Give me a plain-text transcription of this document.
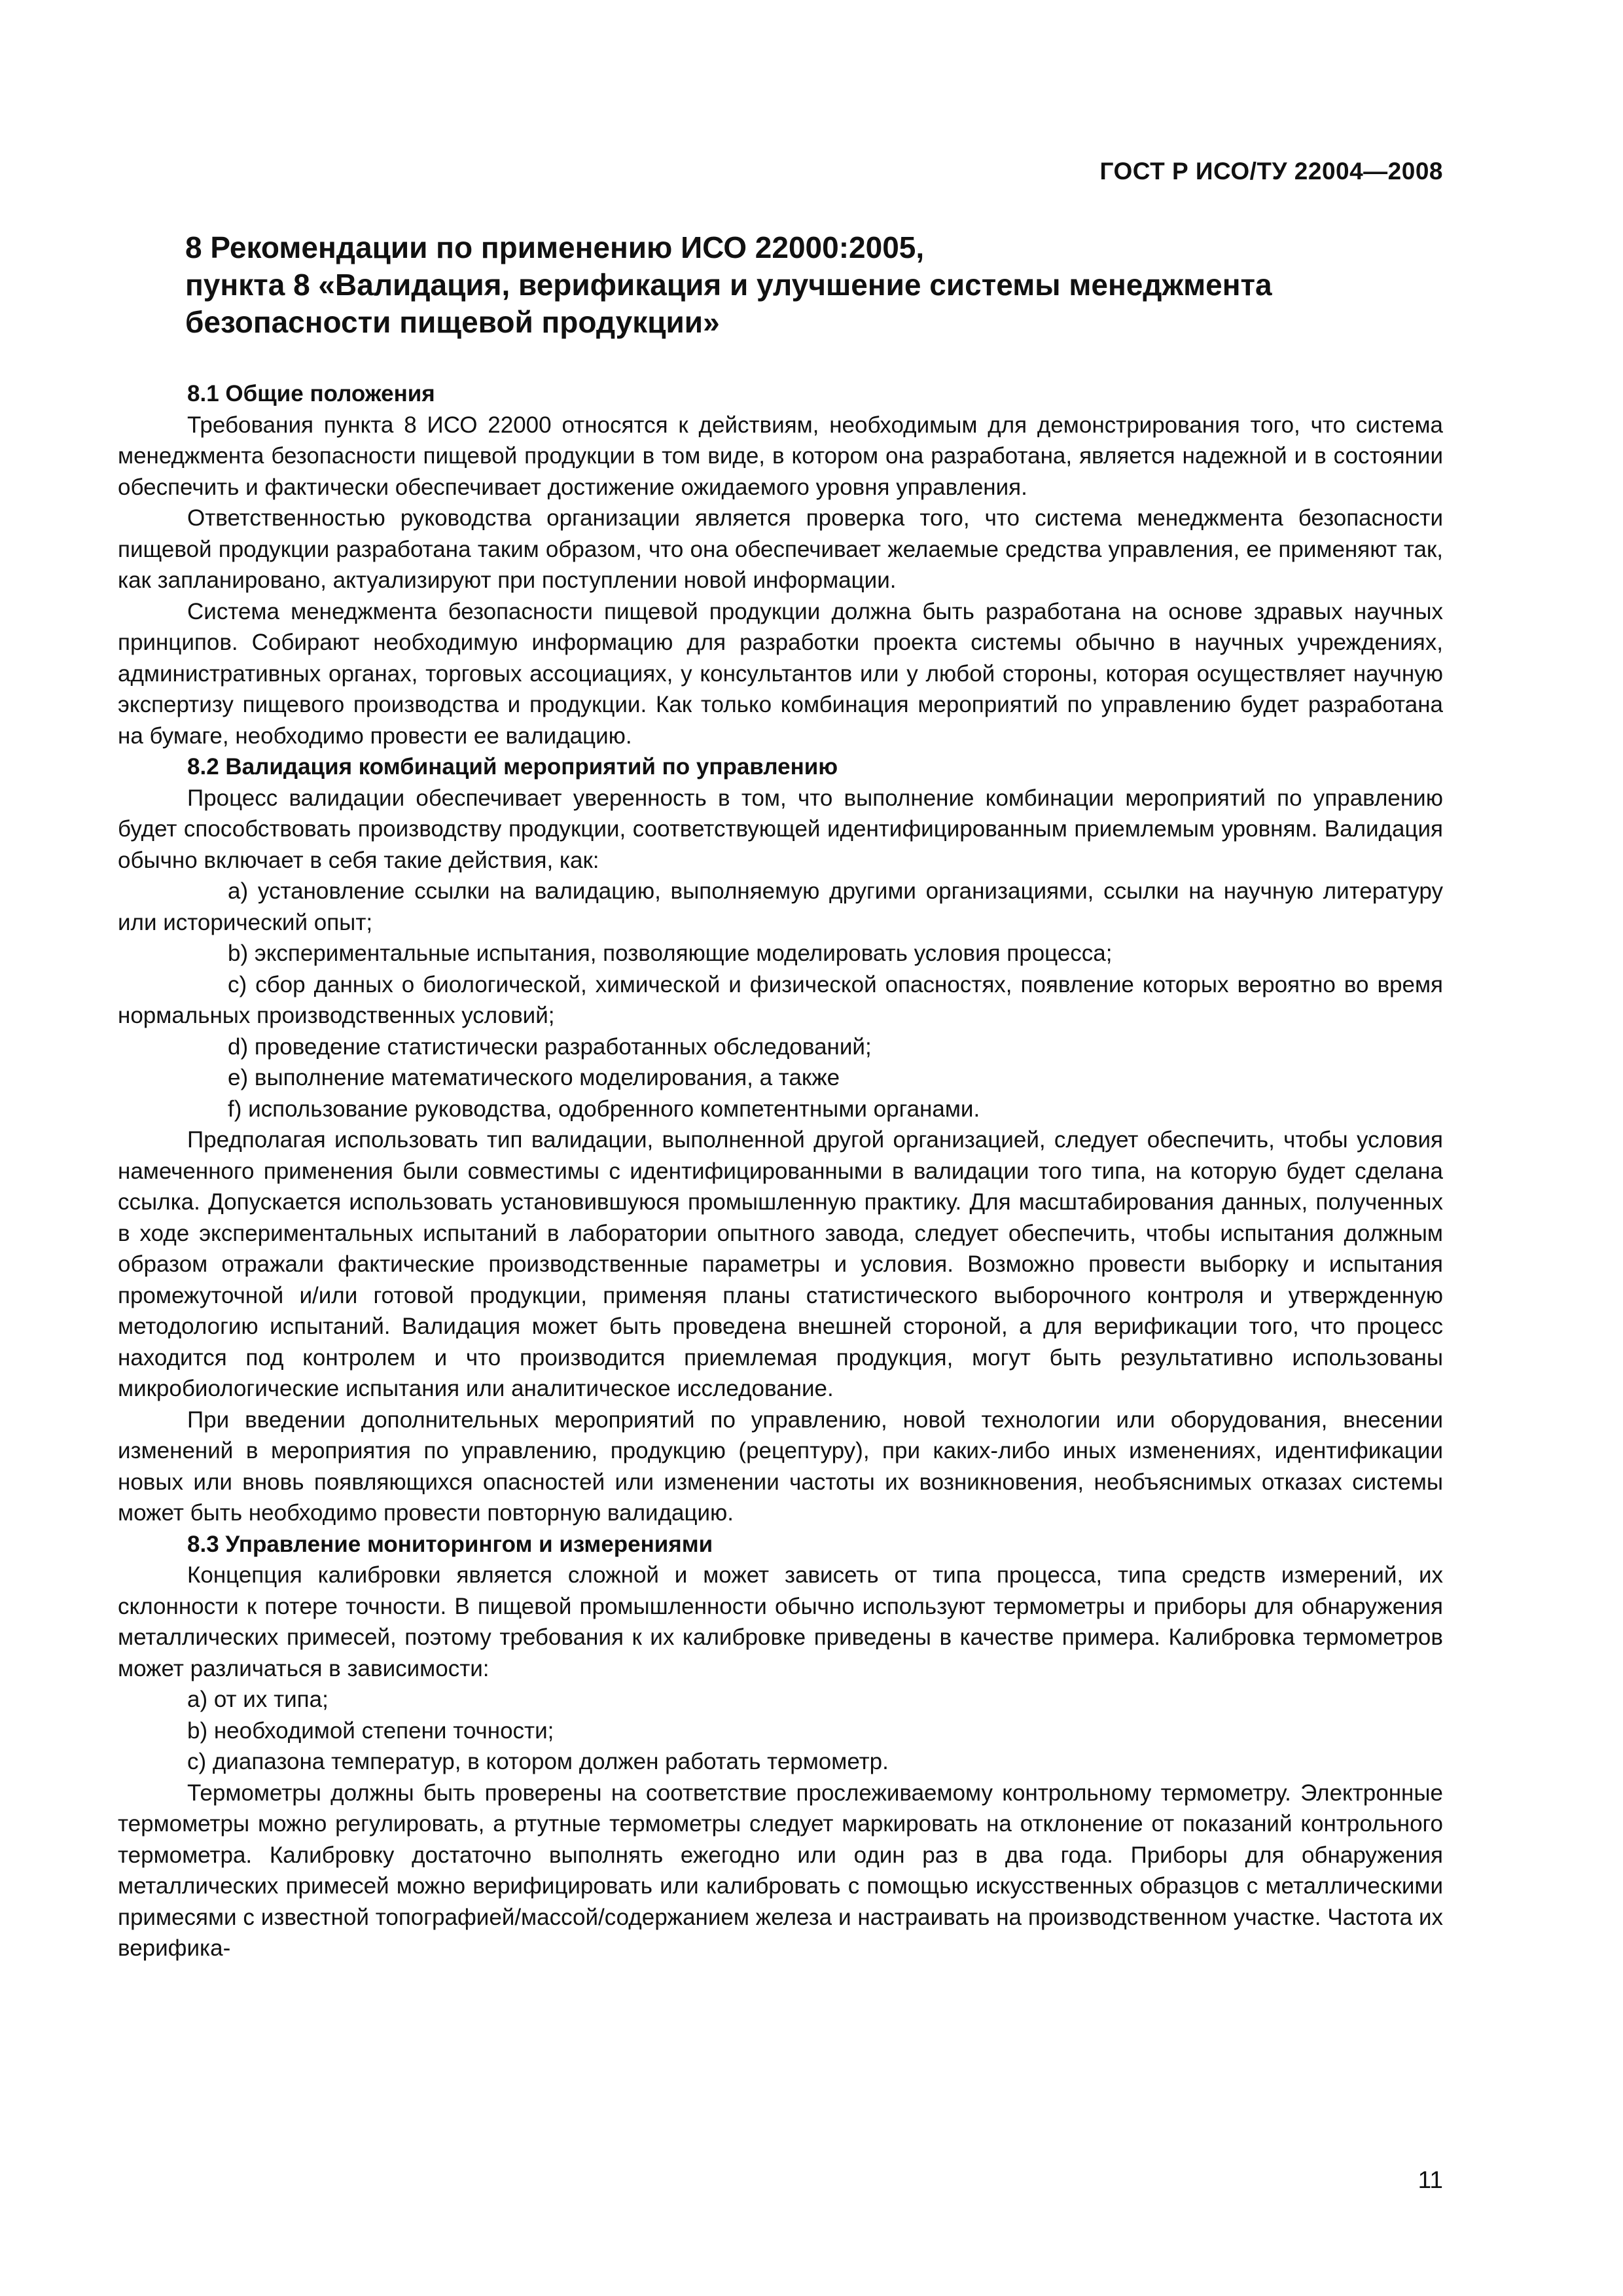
ГОСТ Р ИСО/ТУ 22004—2008
8 Рекомендации по применению ИСО 22000:2005,
пункта 8 «Валидация, верификация и улучшение системы менеджмента
безопасности пищевой продукции»
8.1 Общие положения

Требования пункта 8 ИСО 22000 относятся к действиям, необходимым для демонстрирования того, что система менеджмента безопасности пищевой продукции в том виде, в котором она разработана, является надежной и в состоянии обеспечить и фактически обеспечивает достижение ожидаемого уровня управления.

Ответственностью руководства организации является проверка того, что система менеджмента безопасности пищевой продукции разработана таким образом, что она обеспечивает желаемые средства управления, ее применяют так, как запланировано, актуализируют при поступлении новой информации.

Система менеджмента безопасности пищевой продукции должна быть разработана на основе здравых научных принципов. Собирают необходимую информацию для разработки проекта системы обычно в научных учреждениях, административных органах, торговых ассоциациях, у консультантов или у любой стороны, которая осуществляет научную экспертизу пищевого производства и продукции. Как только комбинация мероприятий по управлению будет разработана на бумаге, необходимо провести ее валидацию.

8.2 Валидация комбинаций мероприятий по управлению

Процесс валидации обеспечивает уверенность в том, что выполнение комбинации мероприятий по управлению будет способствовать производству продукции, соответствующей идентифицированным приемлемым уровням. Валидация обычно включает в себя такие действия, как:

а) установление ссылки на валидацию, выполняемую другими организациями, ссылки на научную литературу или исторический опыт;

b) экспериментальные испытания, позволяющие моделировать условия процесса;

c) сбор данных о биологической, химической и физической опасностях, появление которых вероятно во время нормальных производственных условий;

d) проведение статистически разработанных обследований;

e) выполнение математического моделирования, а также

f) использование руководства, одобренного компетентными органами.

Предполагая использовать тип валидации, выполненной другой организацией, следует обеспечить, чтобы условия намеченного применения были совместимы с идентифицированными в валидации того типа, на которую будет сделана ссылка. Допускается использовать установившуюся промышленную практику. Для масштабирования данных, полученных в ходе экспериментальных испытаний в лаборатории опытного завода, следует обеспечить, чтобы испытания должным образом отражали фактические производственные параметры и условия. Возможно провести выборку и испытания промежуточной и/или готовой продукции, применяя планы статистического выборочного контроля и утвержденную методологию испытаний. Валидация может быть проведена внешней стороной, а для верификации того, что процесс находится под контролем и что производится приемлемая продукция, могут быть результативно использованы микробиологические испытания или аналитическое исследование.

При введении дополнительных мероприятий по управлению, новой технологии или оборудования, внесении изменений в мероприятия по управлению, продукцию (рецептуру), при каких-либо иных изменениях, идентификации новых или вновь появляющихся опасностей или изменении частоты их возникновения, необъяснимых отказах системы может быть необходимо провести повторную валидацию.

8.3 Управление мониторингом и измерениями

Концепция калибровки является сложной и может зависеть от типа процесса, типа средств измерений, их склонности к потере точности. В пищевой промышленности обычно используют термометры и приборы для обнаружения металлических примесей, поэтому требования к их калибровке приведены в качестве примера. Калибровка термометров может различаться в зависимости:

а) от их типа;

b) необходимой степени точности;

c) диапазона температур, в котором должен работать термометр.

Термометры должны быть проверены на соответствие прослеживаемому контрольному термометру. Электронные термометры можно регулировать, а ртутные термометры следует маркировать на отклонение от показаний контрольного термометра. Калибровку достаточно выполнять ежегодно или один раз в два года. Приборы для обнаружения металлических примесей можно верифицировать или калибровать с помощью искусственных образцов с металлическими примесями с известной топографией/массой/содержанием железа и настраивать на производственном участке. Частота их верифика-

11
